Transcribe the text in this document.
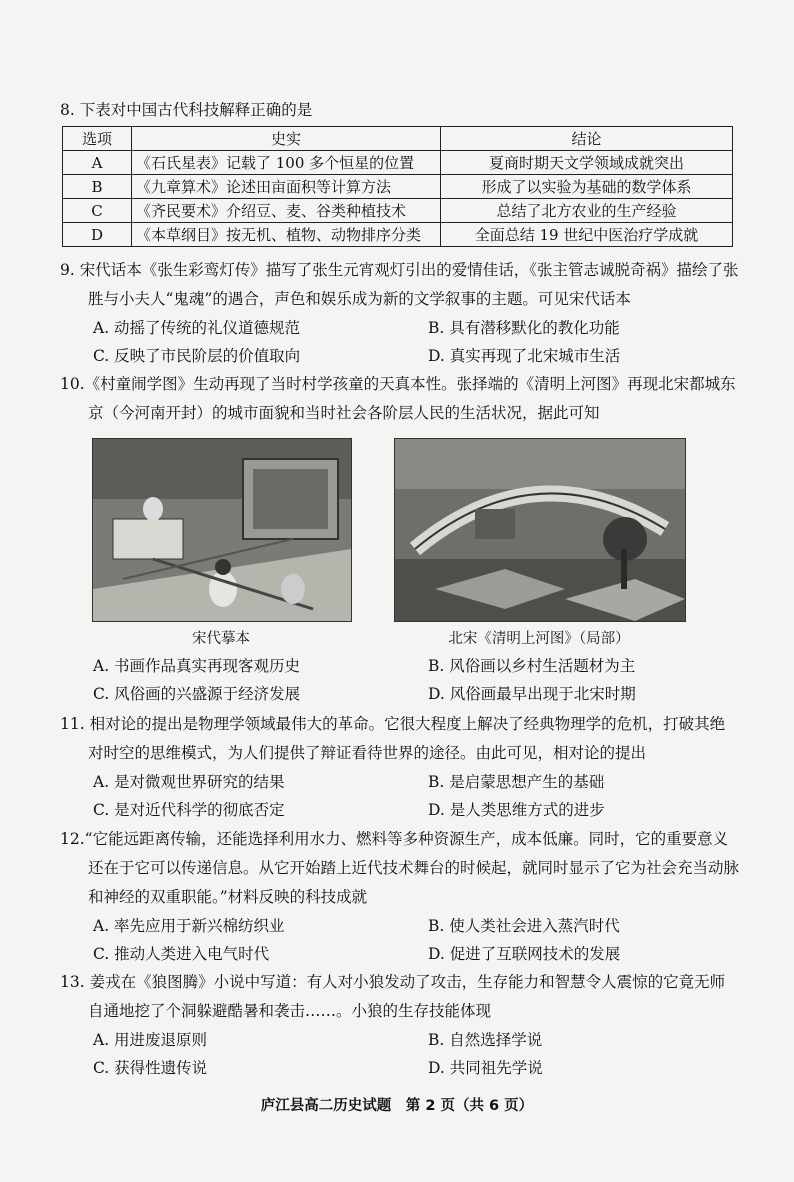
8. 下表对中国古代科技解释正确的是
选项	史实	结论
A	《石氏星表》记载了 100 多个恒星的位置	夏商时期天文学领域成就突出
B	《九章算术》论述田亩面积等计算方法	形成了以实验为基础的数学体系
C	《齐民要术》介绍豆、麦、谷类种植技术	总结了北方农业的生产经验
D	《本草纲目》按无机、植物、动物排序分类	全面总结 19 世纪中医治疗学成就
9. 宋代话本《张生彩鸾灯传》描写了张生元宵观灯引出的爱情佳话，《张主管志诚脱奇祸》描绘了张胜与小夫人“鬼魂”的遇合，声色和娱乐成为新的文学叙事的主题。可见宋代话本
A. 动摇了传统的礼仪道德规范	B. 具有潜移默化的教化功能
C. 反映了市民阶层的价值取向	D. 真实再现了北宋城市生活
10.《村童闹学图》生动再现了当时村学孩童的天真本性。张择端的《清明上河图》再现北宋都城东京（今河南开封）的城市面貌和当时社会各阶层人民的生活状况，据此可知
宋代摹本	北宋《清明上河图》（局部）
A. 书画作品真实再现客观历史	B. 风俗画以乡村生活题材为主
C. 风俗画的兴盛源于经济发展	D. 风俗画最早出现于北宋时期
11. 相对论的提出是物理学领域最伟大的革命。它很大程度上解决了经典物理学的危机，打破其绝对时空的思维模式，为人们提供了辩证看待世界的途径。由此可见，相对论的提出
A. 是对微观世界研究的结果	B. 是启蒙思想产生的基础
C. 是对近代科学的彻底否定	D. 是人类思维方式的进步
12.“它能远距离传输，还能选择利用水力、燃料等多种资源生产，成本低廉。同时，它的重要意义还在于它可以传递信息。从它开始踏上近代技术舞台的时候起，就同时显示了它为社会充当动脉和神经的双重职能。”材料反映的科技成就
A. 率先应用于新兴棉纺织业	B. 使人类社会进入蒸汽时代
C. 推动人类进入电气时代	D. 促进了互联网技术的发展
13. 姜戎在《狼图腾》小说中写道：有人对小狼发动了攻击，生存能力和智慧令人震惊的它竟无师自通地挖了个洞躲避酷暑和袭击……。小狼的生存技能体现
A. 用进废退原则	B. 自然选择学说
C. 获得性遗传说	D. 共同祖先学说
庐江县高二历史试题　第 2 页（共 6 页）
